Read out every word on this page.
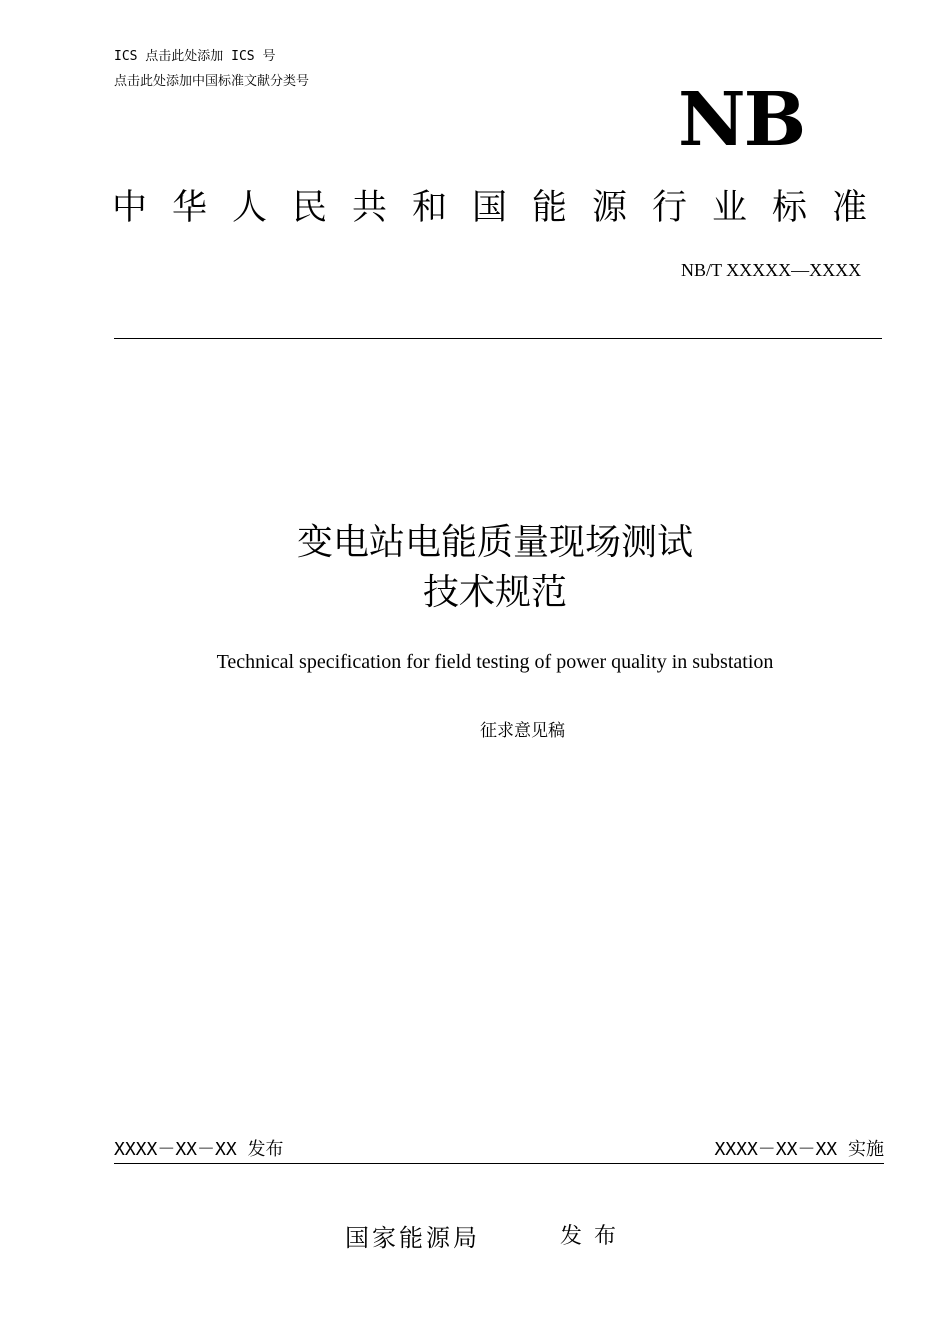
ICS 点击此处添加 ICS 号
点击此处添加中国标准文献分类号	NB
中华人民共和国能源行业标准
NB/T XXXXX—XXXX
变电站电能质量现场测试
技术规范
Technical specification for field testing of power quality in substation
征求意见稿
XXXX－XX－XX 发布	XXXX－XX－XX 实施
国家能源局	发布
